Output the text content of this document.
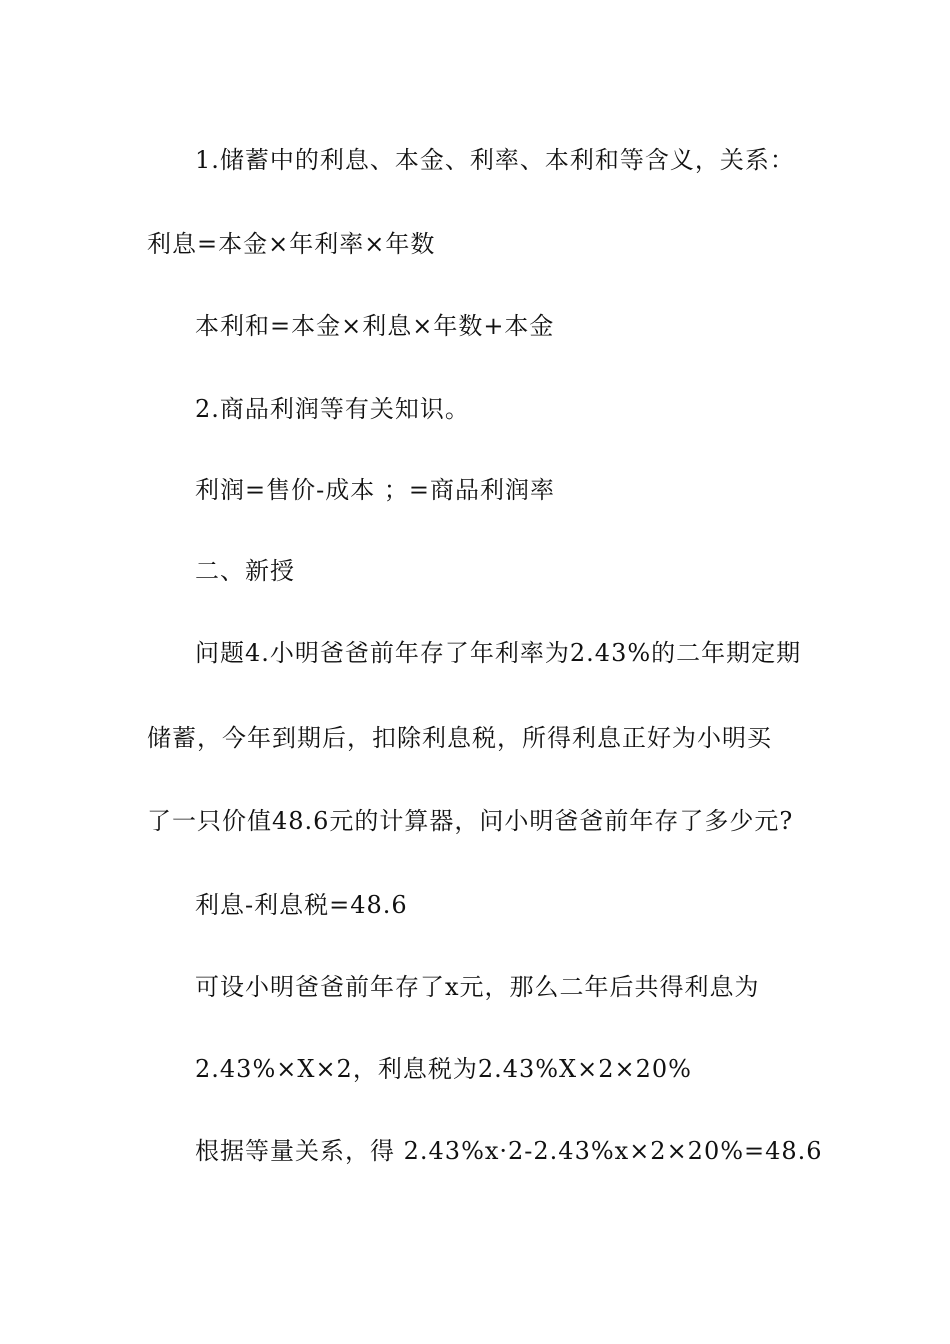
1.储蓄中的利息、本金、利率、本利和等含义，关系：
利息=本金×年利率×年数
本利和=本金×利息×年数+本金
2.商品利润等有关知识。
利润=售价-成本 ；=商品利润率
二、新授
问题4.小明爸爸前年存了年利率为2.43%的二年期定期
储蓄，今年到期后，扣除利息税，所得利息正好为小明买
了一只价值48.6元的计算器，问小明爸爸前年存了多少元?
利息-利息税=48.6
可设小明爸爸前年存了x元，那么二年后共得利息为
2.43%×X×2，利息税为2.43%X×2×20%
根据等量关系，得 2.43%x·2-2.43%x×2×20%=48.6
